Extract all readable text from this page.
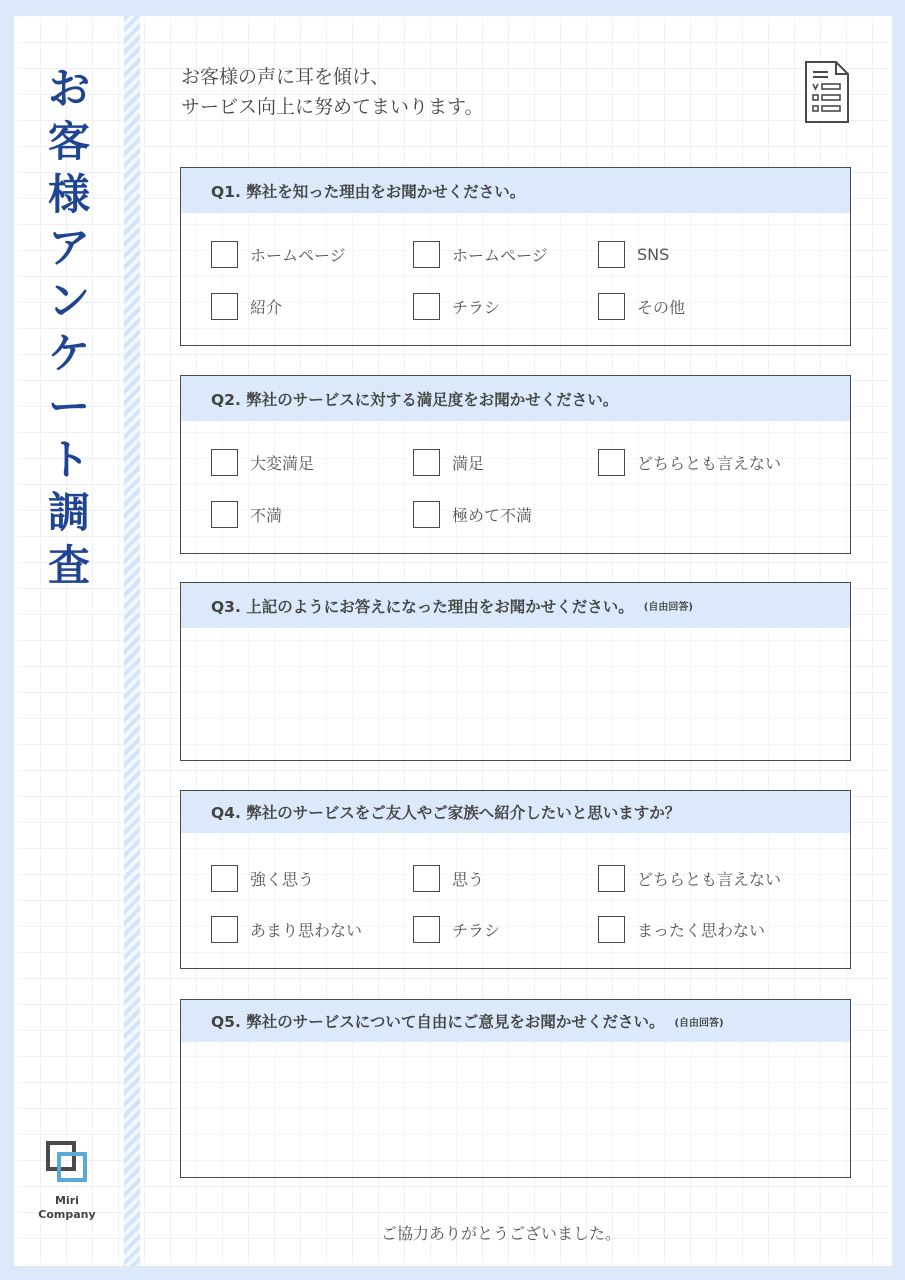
お
客
様
ア
ン
ケ
ー
ト
調
査
Miri
Company
お客様の声に耳を傾け、
サービス向上に努めてまいります。
Q1. 弊社を知った理由をお聞かせください。
ホームページ	ホームページ	SNS
紹介	チラシ	その他
Q2. 弊社のサービスに対する満足度をお聞かせください。
大変満足	満足	どちらとも言えない
不満	極めて不満
Q3. 上記のようにお答えになった理由をお聞かせください。 (自由回答)
Q4. 弊社のサービスをご友人やご家族へ紹介したいと思いますか？
強く思う	思う	どちらとも言えない
あまり思わない	チラシ	まったく思わない
Q5. 弊社のサービスについて自由にご意見をお聞かせください。 (自由回答)
ご協力ありがとうございました。
